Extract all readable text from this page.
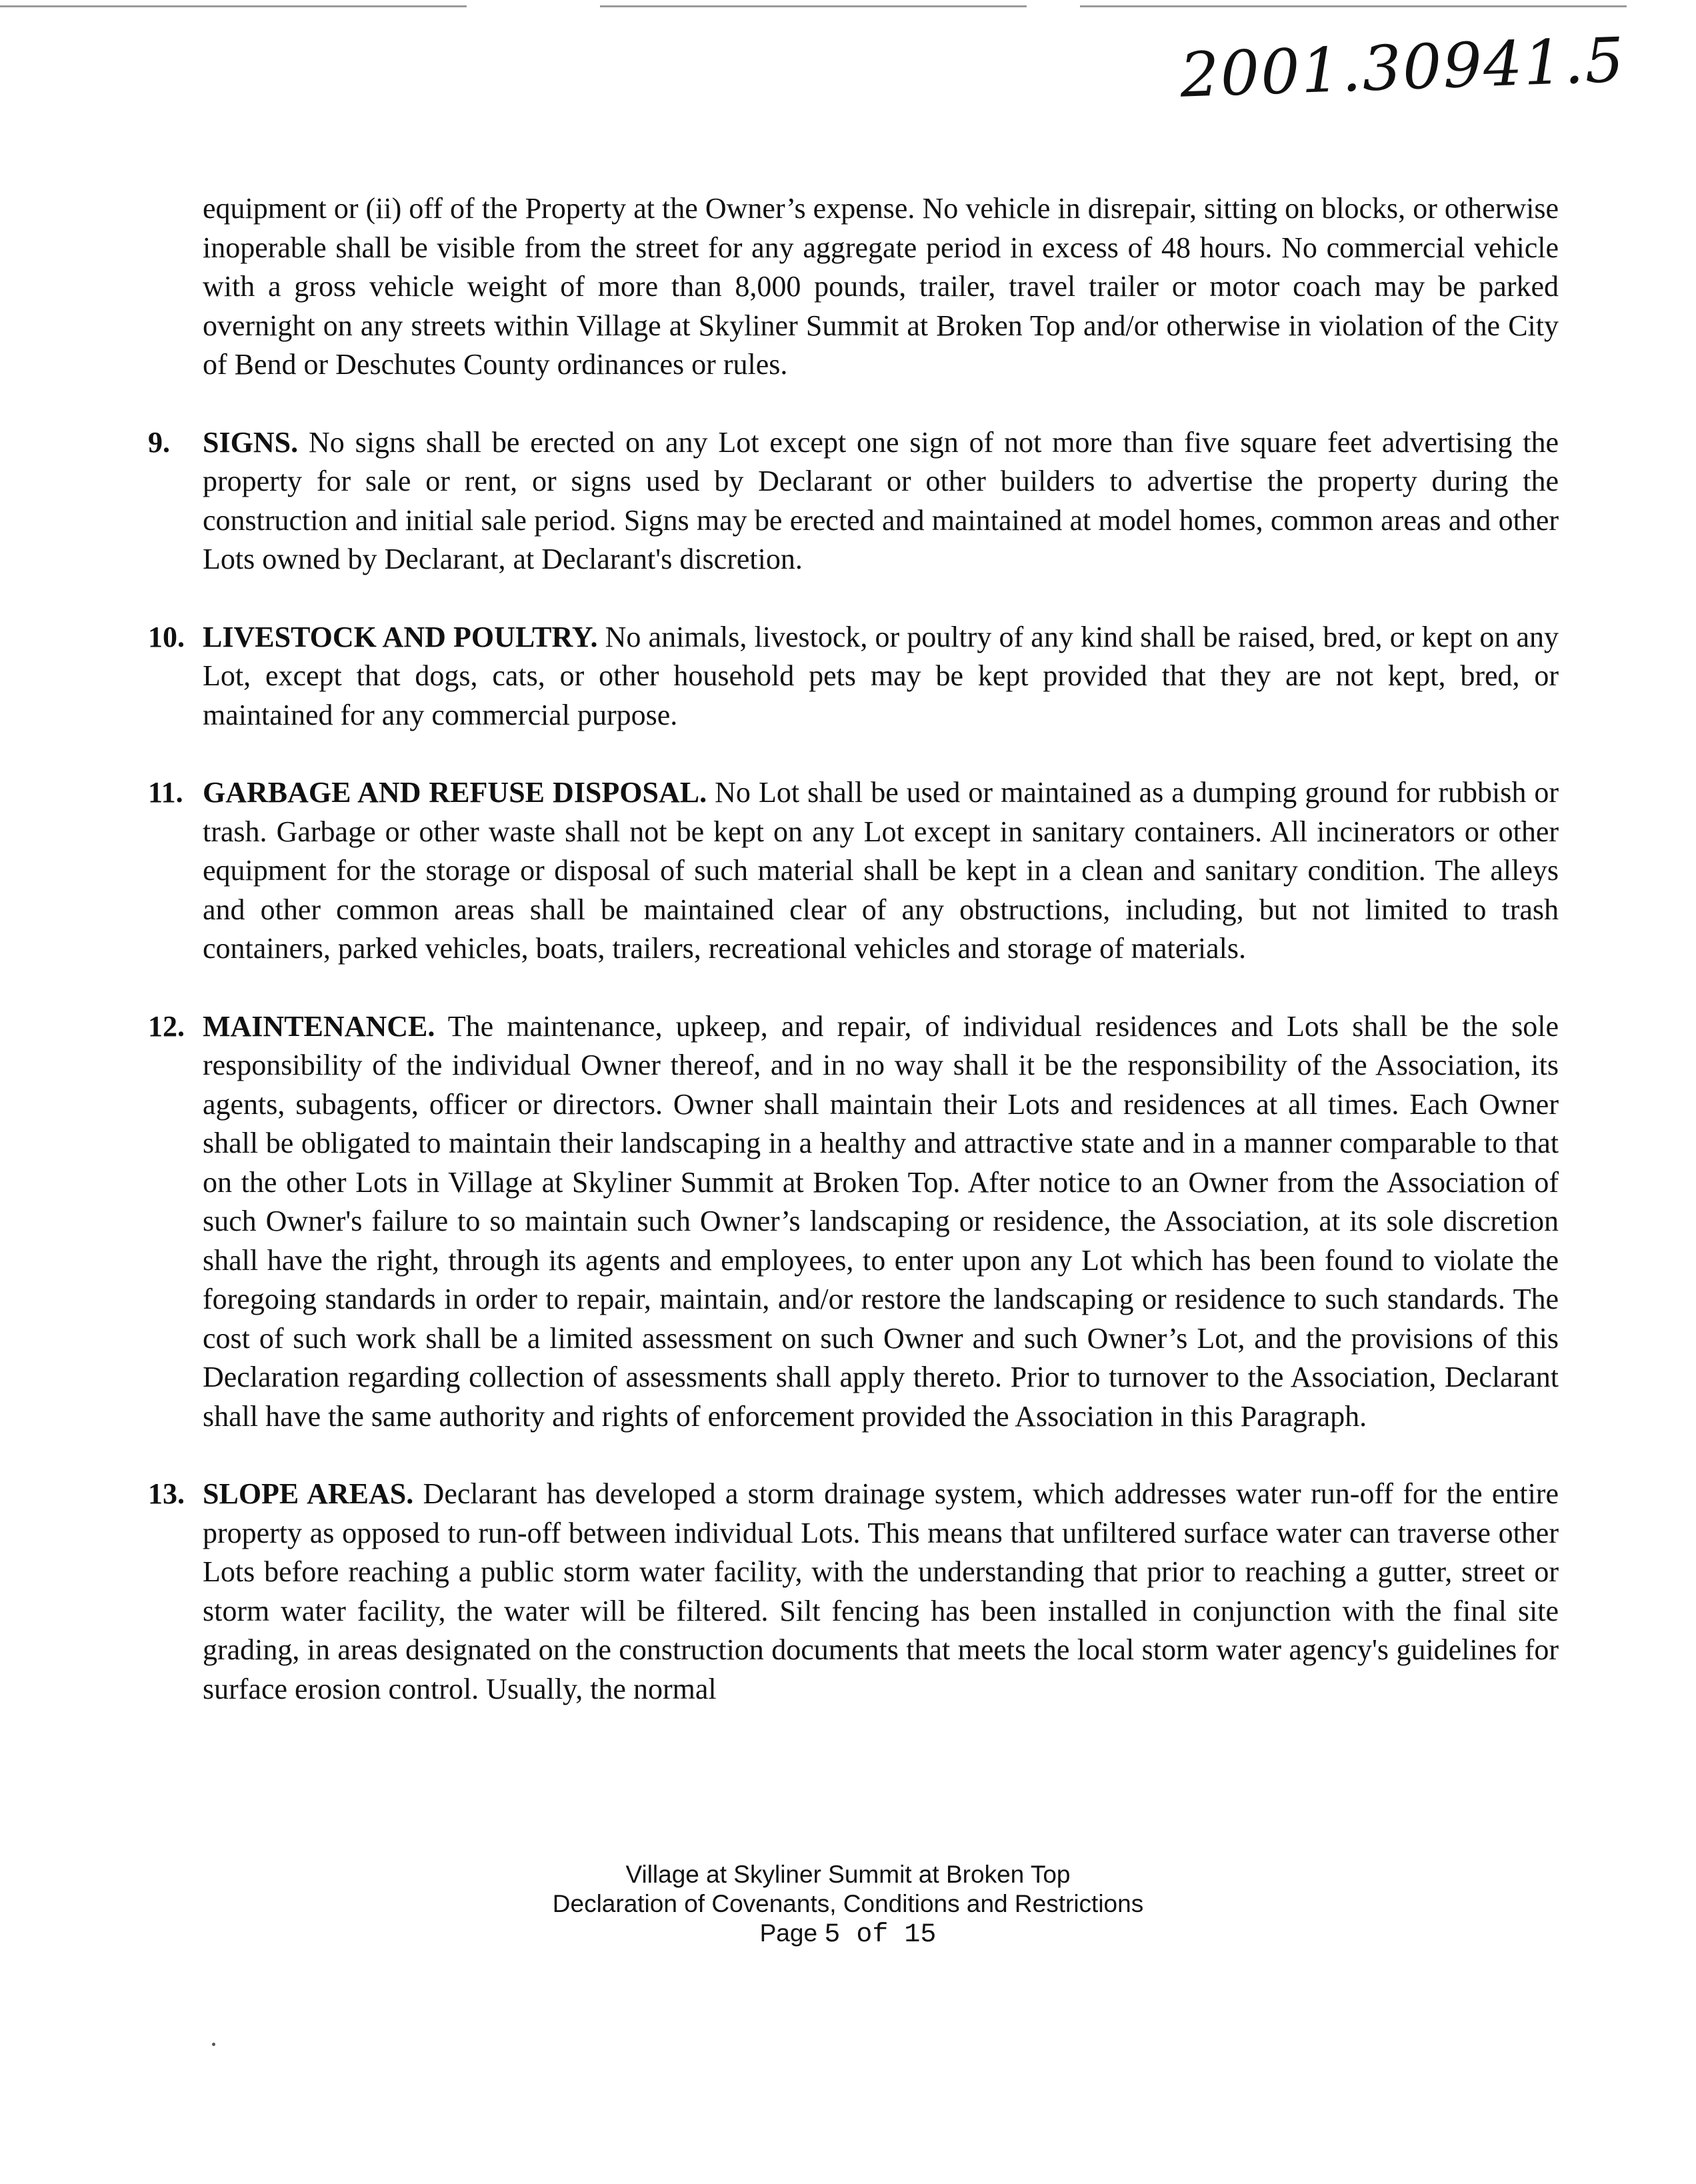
2001.30941.5

equipment or (ii) off of the Property at the Owner’s expense. No vehicle in disrepair, sitting on blocks, or otherwise inoperable shall be visible from the street for any aggregate period in excess of 48 hours. No commercial vehicle with a gross vehicle weight of more than 8,000 pounds, trailer, travel trailer or motor coach may be parked overnight on any streets within Village at Skyliner Summit at Broken Top and/or otherwise in violation of the City of Bend or Deschutes County ordinances or rules.

9.	SIGNS. No signs shall be erected on any Lot except one sign of not more than five square feet advertising the property for sale or rent, or signs used by Declarant or other builders to advertise the property during the construction and initial sale period. Signs may be erected and maintained at model homes, common areas and other Lots owned by Declarant, at Declarant's discretion.
10. LIVESTOCK AND POULTRY. No animals, livestock, or poultry of any kind shall be raised, bred, or kept on any Lot, except that dogs, cats, or other household pets may be kept provided that they are not kept, bred, or maintained for any commercial purpose.
11. GARBAGE AND REFUSE DISPOSAL. No Lot shall be used or maintained as a dumping ground for rubbish or trash. Garbage or other waste shall not be kept on any Lot except in sanitary containers. All incinerators or other equipment for the storage or disposal of such material shall be kept in a clean and sanitary condition. The alleys and other common areas shall be maintained clear of any obstructions, including, but not limited to trash containers, parked vehicles, boats, trailers, recreational vehicles and storage of materials.
12. MAINTENANCE. The maintenance, upkeep, and repair, of individual residences and Lots shall be the sole responsibility of the individual Owner thereof, and in no way shall it be the responsibility of the Association, its agents, subagents, officer or directors. Owner shall maintain their Lots and residences at all times. Each Owner shall be obligated to maintain their landscaping in a healthy and attractive state and in a manner comparable to that on the other Lots in Village at Skyliner Summit at Broken Top. After notice to an Owner from the Association of such Owner's failure to so maintain such Owner’s landscaping or residence, the Association, at its sole discretion shall have the right, through its agents and employees, to enter upon any Lot which has been found to violate the foregoing standards in order to repair, maintain, and/or restore the landscaping or residence to such standards. The cost of such work shall be a limited assessment on such Owner and such Owner’s Lot, and the provisions of this Declaration regarding collection of assessments shall apply thereto. Prior to turnover to the Association, Declarant shall have the same authority and rights of enforcement provided the Association in this Paragraph.
13. SLOPE AREAS. Declarant has developed a storm drainage system, which addresses water run-off for the entire property as opposed to run-off between individual Lots. This means that unfiltered surface water can traverse other Lots before reaching a public storm water facility, with the understanding that prior to reaching a gutter, street or storm water facility, the water will be filtered. Silt fencing has been installed in conjunction with the final site grading, in areas designated on the construction documents that meets the local storm water agency's guidelines for surface erosion control. Usually, the normal
Village at Skyliner Summit at Broken Top
Declaration of Covenants, Conditions and Restrictions
Page 5 of 15
